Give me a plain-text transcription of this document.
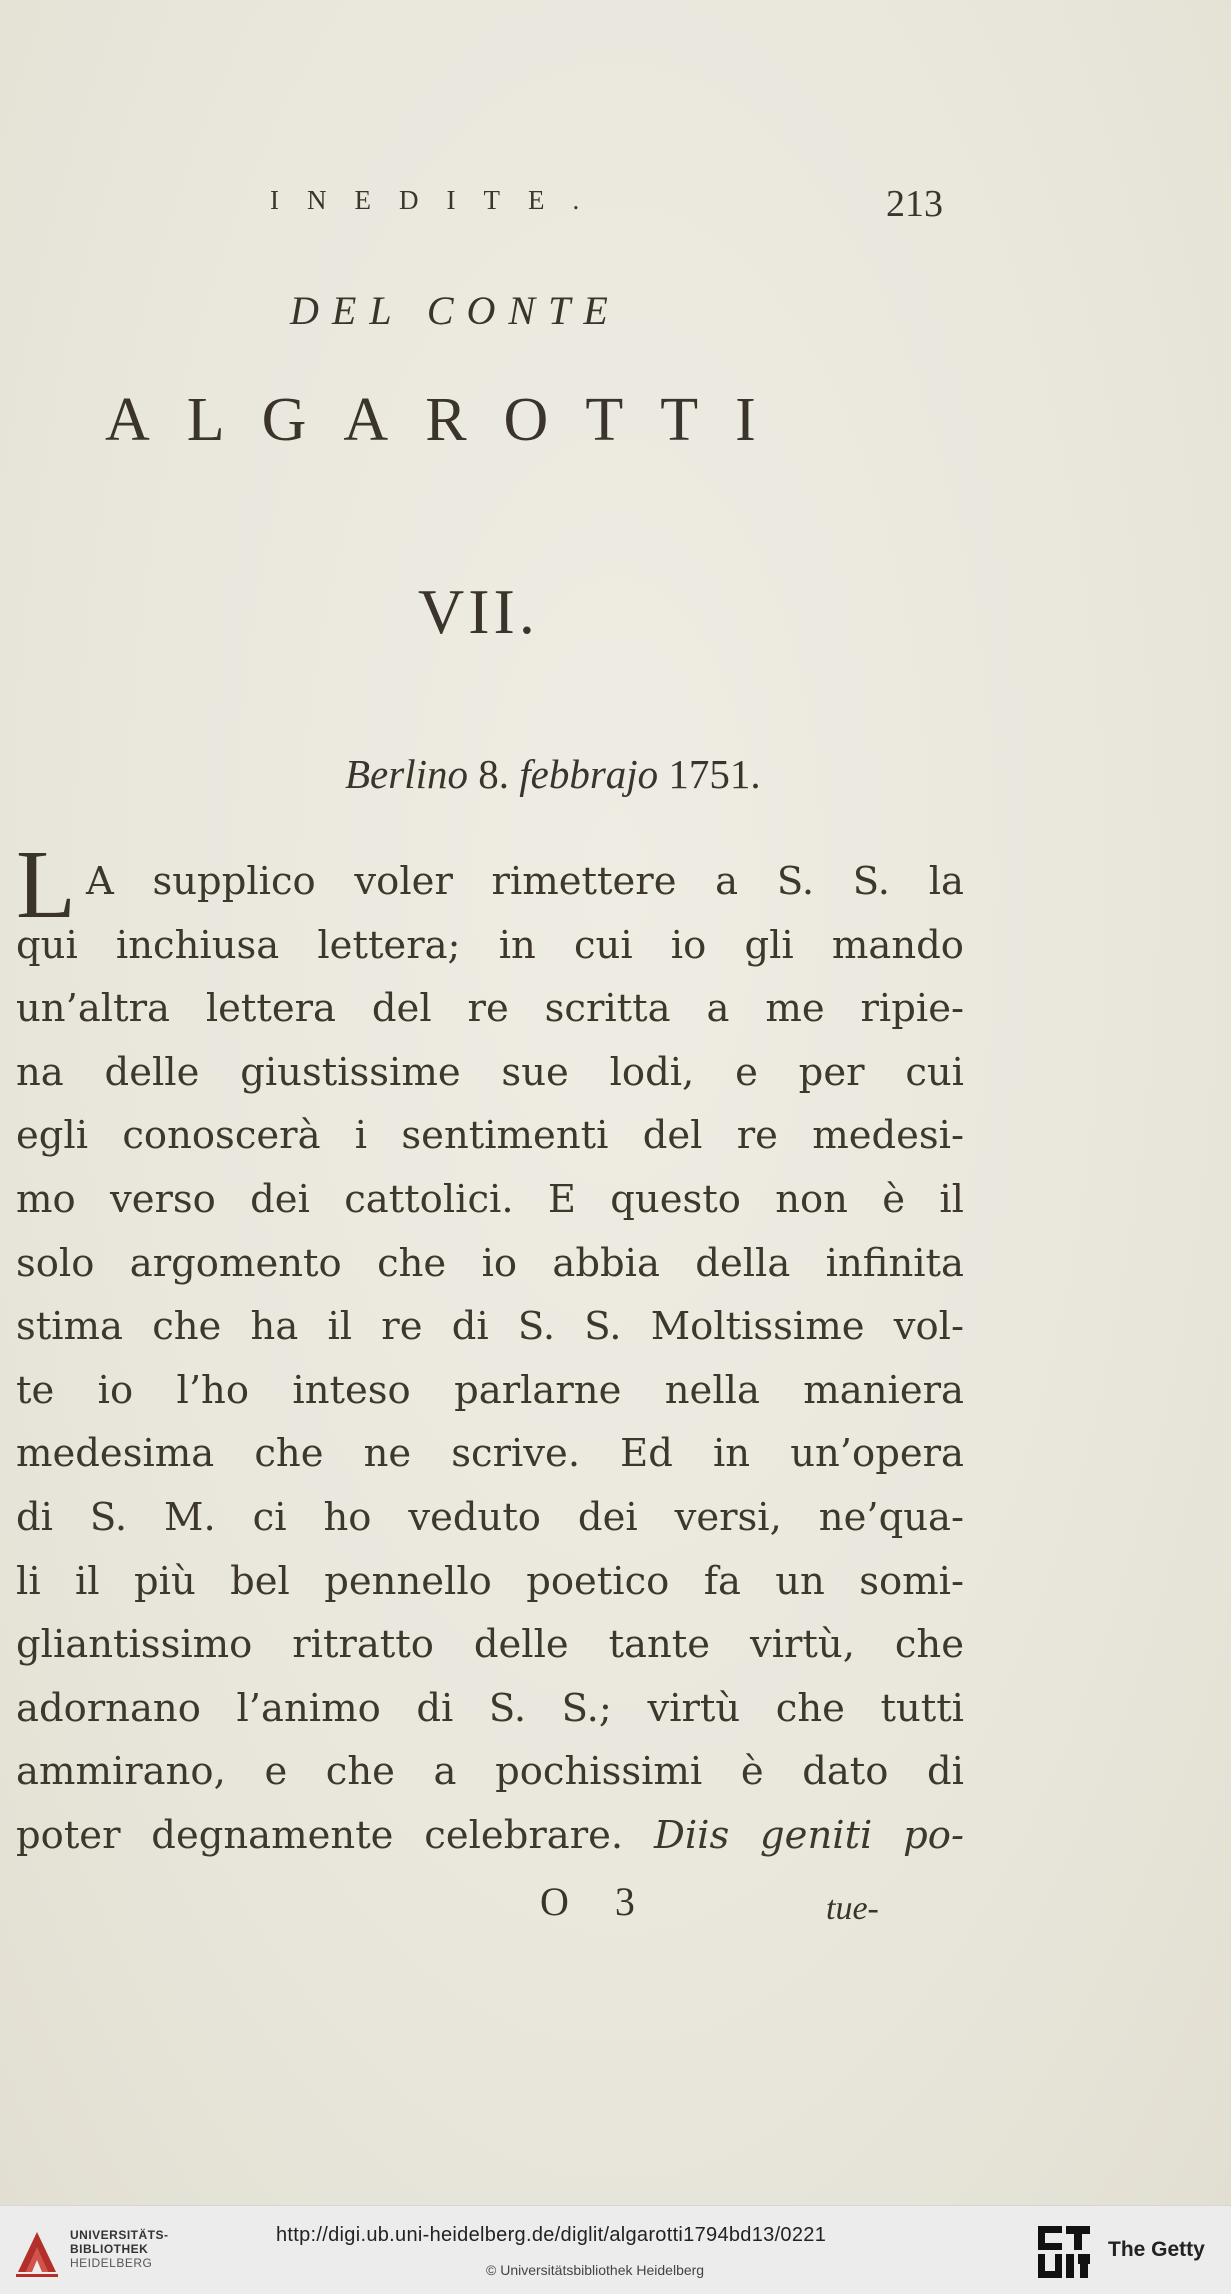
INEDITE.	213
DEL CONTE
ALGAROTTI
VII.
Berlino 8. febbrajo 1751.
L A supplico voler rimettere a S. S. la
qui inchiusa lettera; in cui io gli mando
un’altra lettera del re scritta a me ripie-
na delle giustissime sue lodi, e per cui
egli conoscerà i sentimenti del re medesi-
mo verso dei cattolici. E questo non è il
solo argomento che io abbia della infinita
stima che ha il re di S. S. Moltissime vol-
te io l’ho inteso parlarne nella maniera
medesima che ne scrive. Ed in un’opera
di S. M. ci ho veduto dei versi, ne’qua-
li il più bel pennello poetico fa un somi-
gliantissimo ritratto delle tante virtù, che
adornano l’animo di S. S.; virtù che tutti
ammirano, e che a pochissimi è dato di
poter degnamente celebrare. Diis geniti po-
O 3	tue-
UNIVERSITÄTS-
BIBLIOTHEK
HEIDELBERG
http://digi.ub.uni-heidelberg.de/diglit/algarotti1794bd13/0221
© Universitätsbibliothek Heidelberg
The Getty
